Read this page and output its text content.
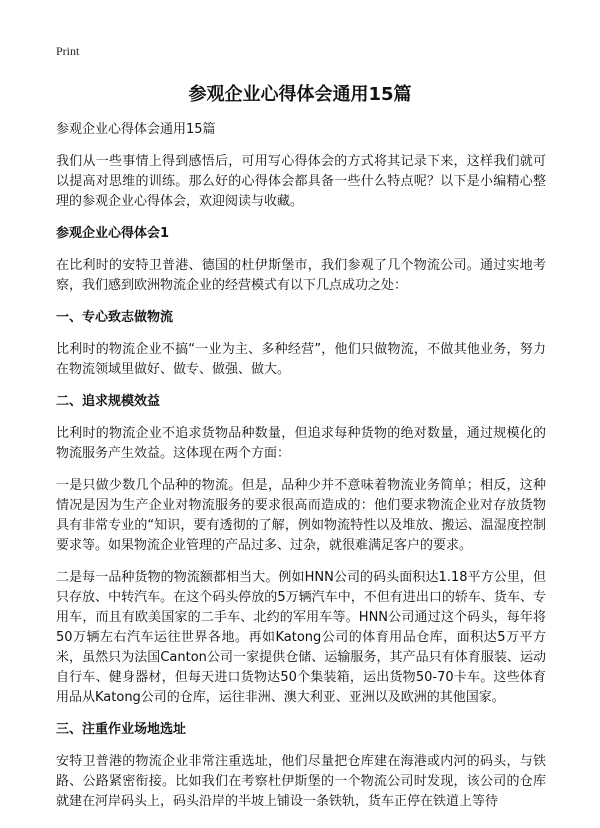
Print
参观企业心得体会通用15篇

参观企业心得体会通用15篇

我们从一些事情上得到感悟后，可用写心得体会的方式将其记录下来，这样我们就可以提高对思维的训练。那么好的心得体会都具备一些什么特点呢？以下是小编精心整理的参观企业心得体会，欢迎阅读与收藏。

参观企业心得体会1

在比利时的安特卫普港、德国的杜伊斯堡市，我们参观了几个物流公司。通过实地考察，我们感到欧洲物流企业的经营模式有以下几点成功之处：

一、专心致志做物流

比利时的物流企业不搞“一业为主、多种经营”，他们只做物流，不做其他业务，努力在物流领域里做好、做专、做强、做大。

二、追求规模效益

比利时的物流企业不追求货物品种数量，但追求每种货物的绝对数量，通过规模化的物流服务产生效益。这体现在两个方面：

一是只做少数几个品种的物流。但是，品种少并不意味着物流业务简单；相反，这种情况是因为生产企业对物流服务的要求很高而造成的：他们要求物流企业对存放货物具有非常专业的“知识，要有透彻的了解，例如物流特性以及堆放、搬运、温湿度控制要求等。如果物流企业管理的产品过多、过杂，就很难满足客户的要求。

二是每一品种货物的物流额都相当大。例如HNN公司的码头面积达1.18平方公里，但只存放、中转汽车。在这个码头停放的5万辆汽车中，不但有进出口的轿车、货车、专用车，而且有欧美国家的二手车、北约的军用车等。HNN公司通过这个码头，每年将50万辆左右汽车运往世界各地。再如Katong公司的体育用品仓库，面积达5万平方米，虽然只为法国Canton公司一家提供仓储、运输服务，其产品只有体育服装、运动自行车、健身器材，但每天进口货物达50个集装箱，运出货物50-70卡车。这些体育用品从Katong公司的仓库，运往非洲、澳大利亚、亚洲以及欧洲的其他国家。

三、注重作业场地选址

安特卫普港的物流企业非常注重选址，他们尽量把仓库建在海港或内河的码头，与铁路、公路紧密衔接。比如我们在考察杜伊斯堡的一个物流公司时发现，该公司的仓库就建在河岸码头上，码头沿岸的半坡上铺设一条铁轨，货车正停在铁道上等待
